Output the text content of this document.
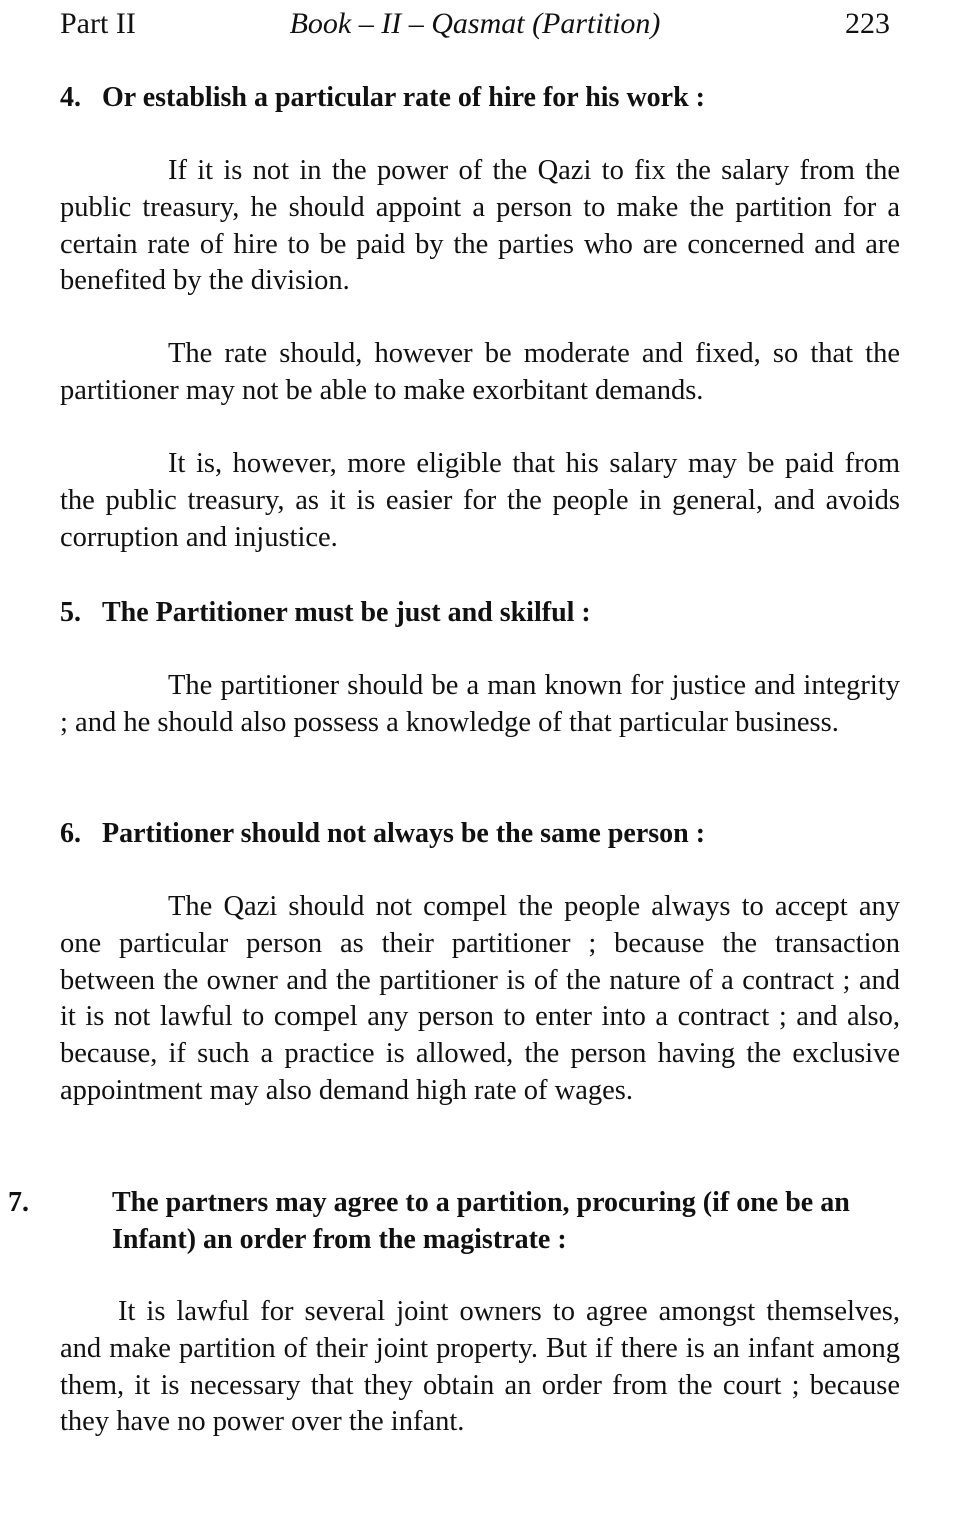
Part II	Book – II – Qasmat (Partition)	223
4. Or establish a particular rate of hire for his work :

If it is not in the power of the Qazi to fix the salary from the public treasury, he should appoint a person to make the partition for a certain rate of hire to be paid by the parties who are concerned and are benefited by the division.

The rate should, however be moderate and fixed, so that the partitioner may not be able to make exorbitant demands.

It is, however, more eligible that his salary may be paid from the public treasury, as it is easier for the people in general, and avoids corruption and injustice.

5. The Partitioner must be just and skilful :

The partitioner should be a man known for justice and integrity ; and he should also possess a knowledge of that particular business.

6. Partitioner should not always be the same person :

The Qazi should not compel the people always to accept any one particular person as their partitioner ; because the transaction between the owner and the partitioner is of the nature of a contract ; and it is not lawful to compel any person to enter into a contract ; and also, because, if such a practice is allowed, the person having the exclusive appointment may also demand high rate of wages.

7.	The partners may agree to a partition, procuring (if one be an Infant) an order from the magistrate :

It is lawful for several joint owners to agree amongst themselves, and make partition of their joint property. But if there is an infant among them, it is necessary that they obtain an order from the court ; because they have no power over the infant.
